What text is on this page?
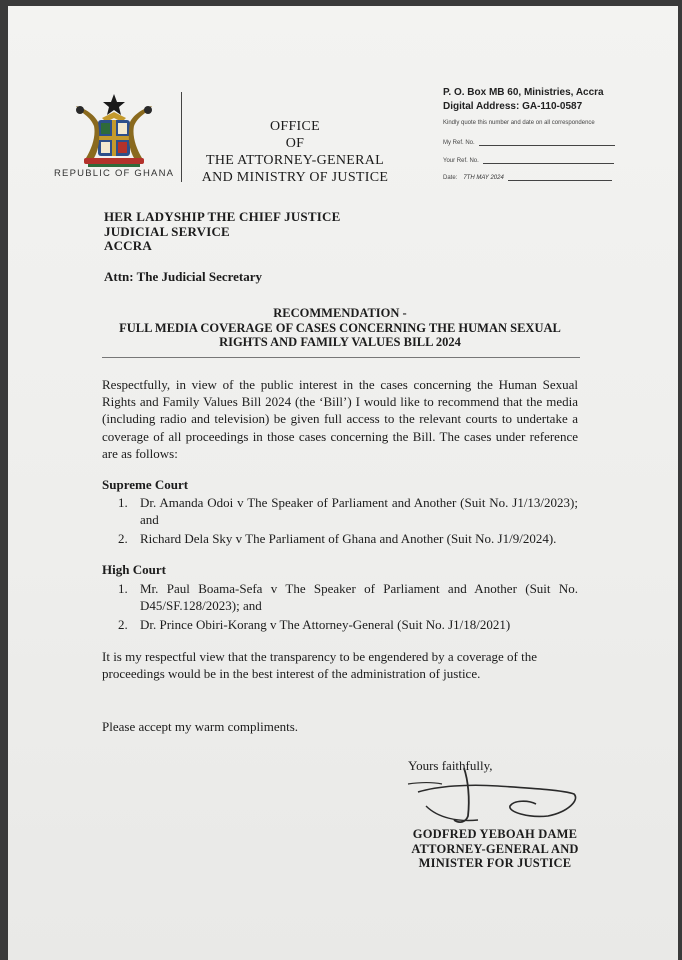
REPUBLIC OF GHANA
OFFICE
OF
THE ATTORNEY-GENERAL
AND MINISTRY OF JUSTICE
P. O. Box MB 60, Ministries, Accra
Digital Address: GA-110-0587
Kindly quote this number and date on all correspondence
My Ref. No.
Your Ref. No.
Date: 7TH MAY 2024
HER LADYSHIP THE CHIEF JUSTICE
JUDICIAL SERVICE
ACCRA
Attn: The Judicial Secretary
RECOMMENDATION -
FULL MEDIA COVERAGE OF CASES CONCERNING THE HUMAN SEXUAL
RIGHTS AND FAMILY VALUES BILL 2024
Respectfully, in view of the public interest in the cases concerning the Human Sexual Rights and Family Values Bill 2024 (the ‘Bill’) I would like to recommend that the media (including radio and television) be given full access to the relevant courts to undertake a coverage of all proceedings in those cases concerning the Bill. The cases under reference are as follows:
Supreme Court
1. Dr. Amanda Odoi v The Speaker of Parliament and Another (Suit No. J1/13/2023); and
2. Richard Dela Sky v The Parliament of Ghana and Another (Suit No. J1/9/2024).
High Court
1. Mr. Paul Boama-Sefa v The Speaker of Parliament and Another (Suit No. D45/SF.128/2023); and
2. Dr. Prince Obiri-Korang v The Attorney-General (Suit No. J1/18/2021)
It is my respectful view that the transparency to be engendered by a coverage of the proceedings would be in the best interest of the administration of justice.
Please accept my warm compliments.
Yours faithfully,
GODFRED YEBOAH DAME
ATTORNEY-GENERAL AND
MINISTER FOR JUSTICE
